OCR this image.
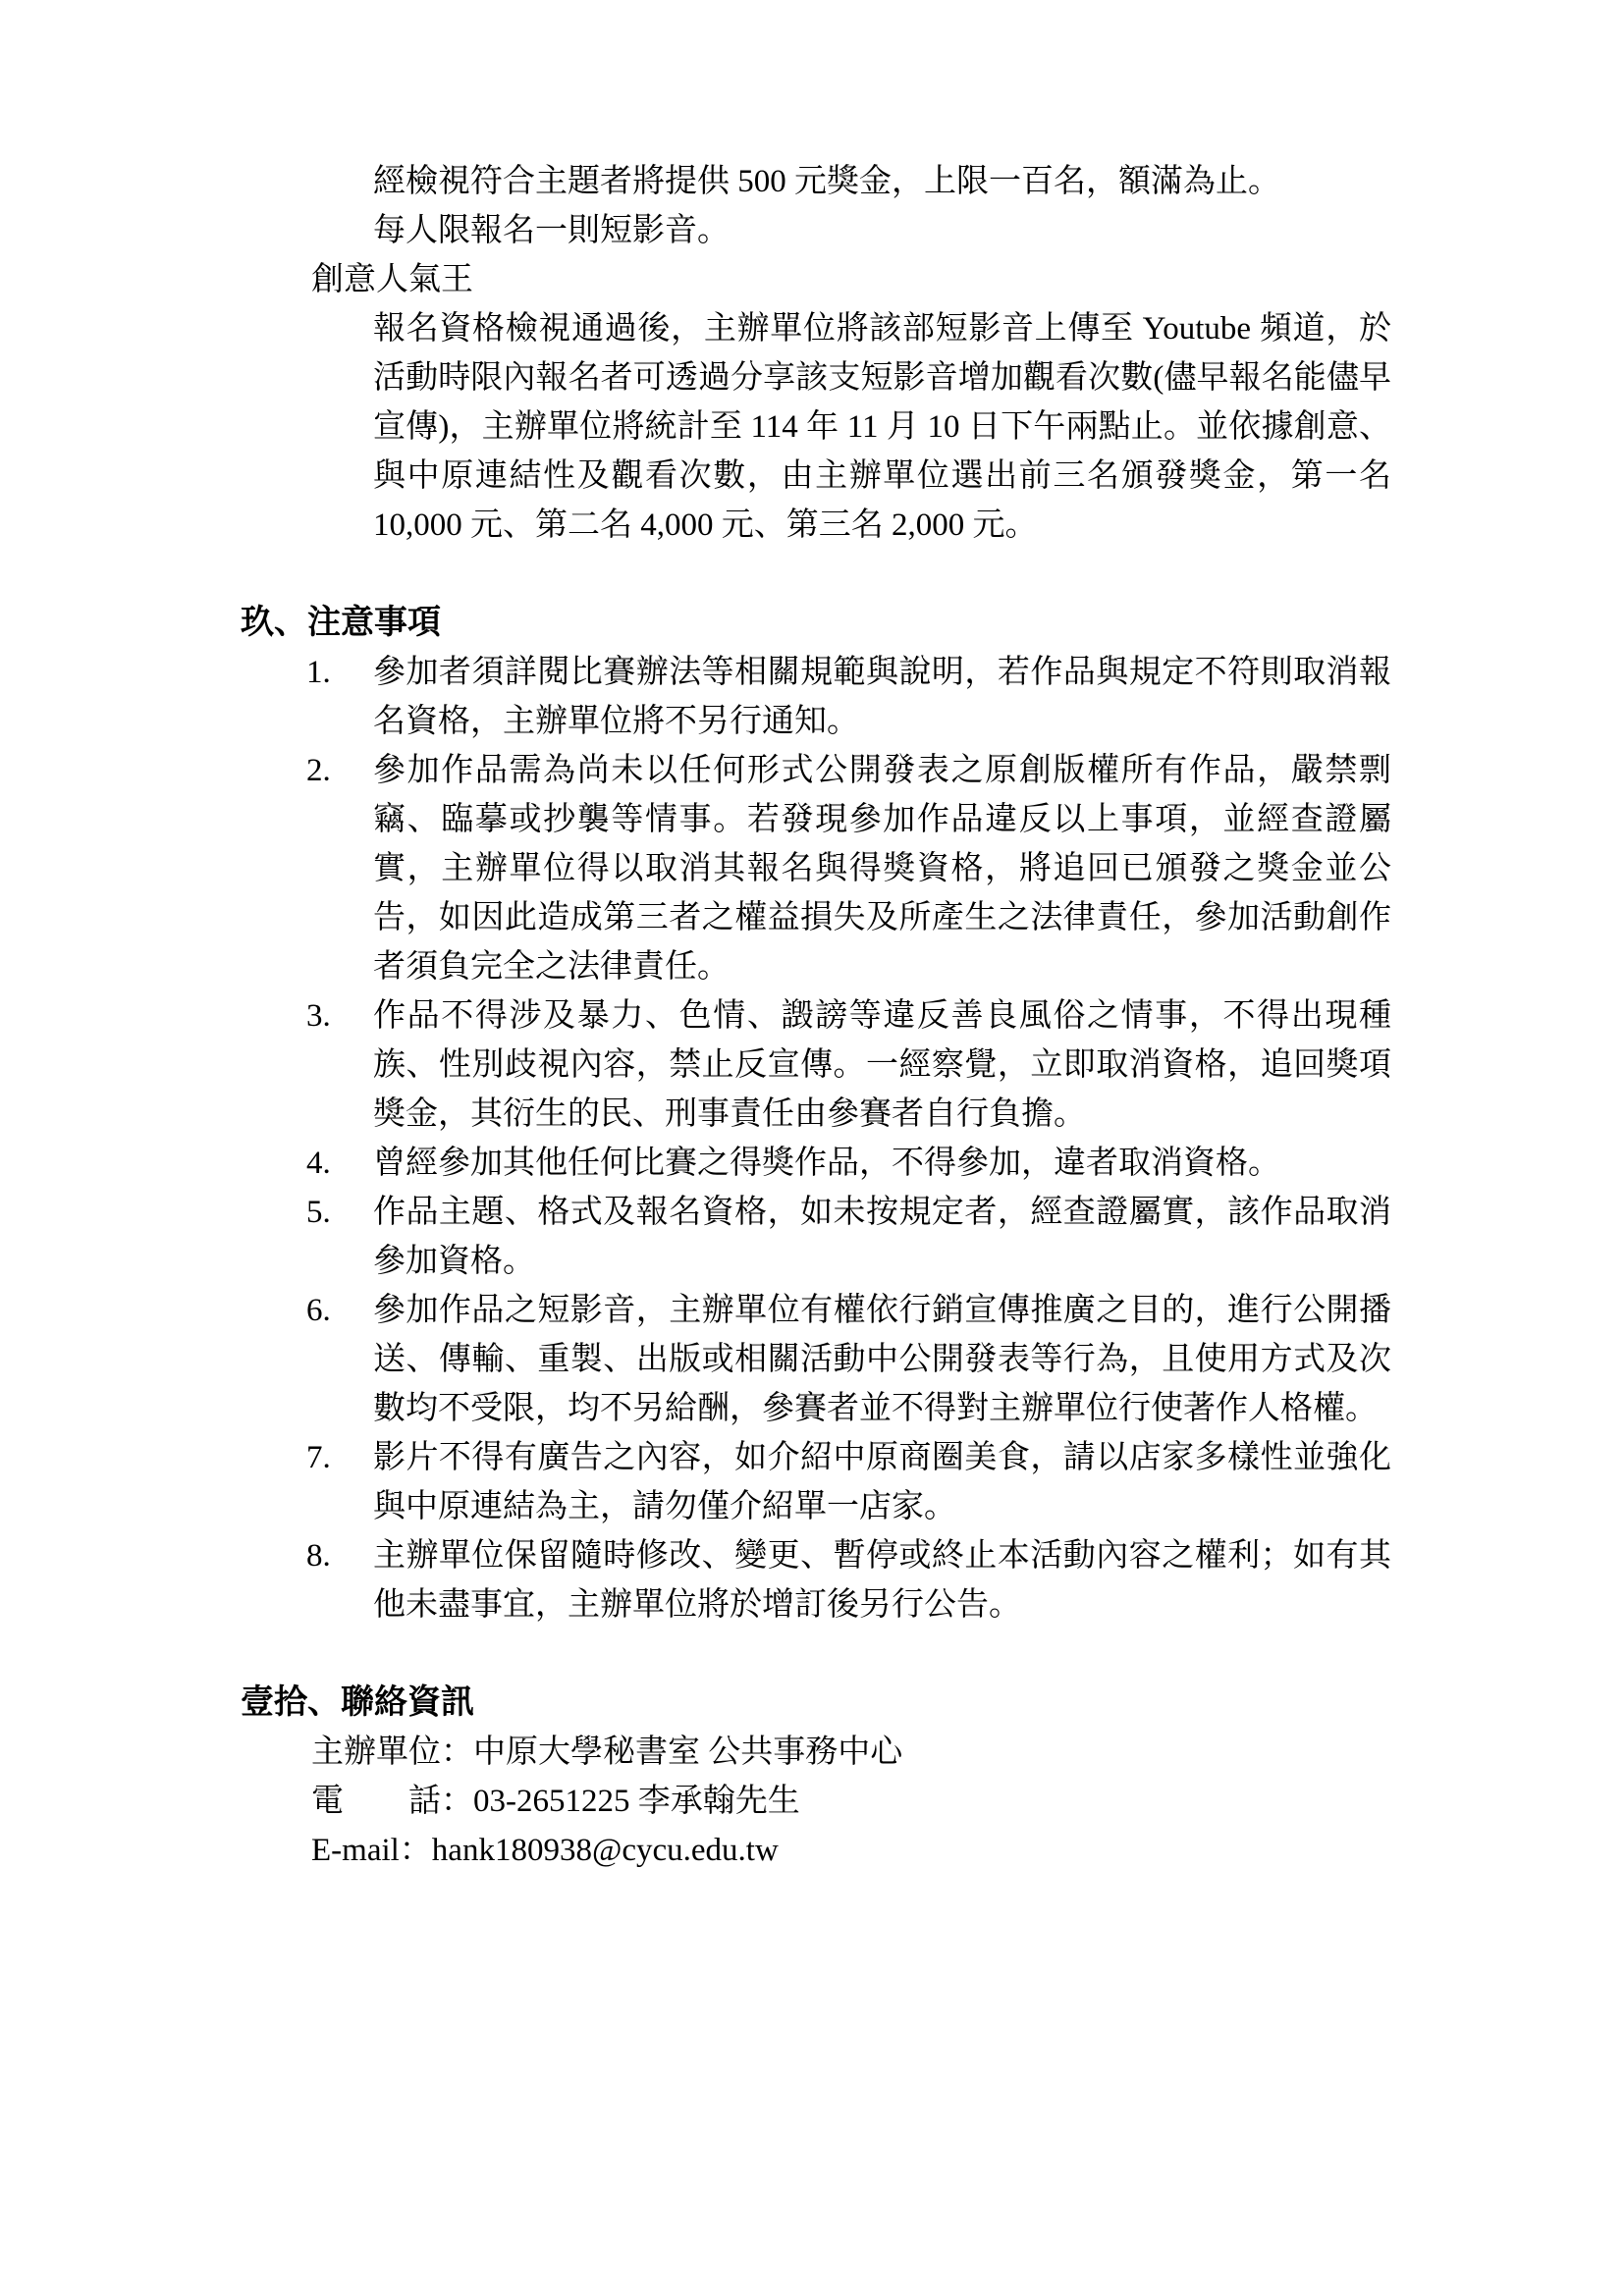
經檢視符合主題者將提供 500 元獎金，上限一百名，額滿為止。

每人限報名一則短影音。

創意人氣王

報名資格檢視通過後，主辦單位將該部短影音上傳至 Youtube 頻道，於活動時限內報名者可透過分享該支短影音增加觀看次數(儘早報名能儘早宣傳)，主辦單位將統計至 114 年 11 月 10 日下午兩點止。並依據創意、與中原連結性及觀看次數，由主辦單位選出前三名頒發獎金，第一名 10,000 元、第二名 4,000 元、第三名 2,000 元。

玖、注意事項
1.	參加者須詳閱比賽辦法等相關規範與說明，若作品與規定不符則取消報名資格，主辦單位將不另行通知。
2.	參加作品需為尚未以任何形式公開發表之原創版權所有作品，嚴禁剽竊、臨摹或抄襲等情事。若發現參加作品違反以上事項，並經查證屬實，主辦單位得以取消其報名與得獎資格，將追回已頒發之獎金並公告，如因此造成第三者之權益損失及所產生之法律責任，參加活動創作者須負完全之法律責任。
3.	作品不得涉及暴力、色情、譭謗等違反善良風俗之情事，不得出現種族、性別歧視內容，禁止反宣傳。一經察覺，立即取消資格，追回獎項獎金，其衍生的民、刑事責任由參賽者自行負擔。
4.	曾經參加其他任何比賽之得獎作品，不得參加，違者取消資格。
5.	作品主題、格式及報名資格，如未按規定者，經查證屬實，該作品取消參加資格。
6.	參加作品之短影音，主辦單位有權依行銷宣傳推廣之目的，進行公開播送、傳輸、重製、出版或相關活動中公開發表等行為，且使用方式及次數均不受限，均不另給酬，參賽者並不得對主辦單位行使著作人格權。
7.	影片不得有廣告之內容，如介紹中原商圈美食，請以店家多樣性並強化與中原連結為主，請勿僅介紹單一店家。
8.	主辦單位保留隨時修改、變更、暫停或終止本活動內容之權利；如有其他未盡事宜，主辦單位將於增訂後另行公告。
壹拾、聯絡資訊

主辦單位：中原大學秘書室 公共事務中心

電　　話：03-2651225 李承翰先生

E-mail：hank180938@cycu.edu.tw
